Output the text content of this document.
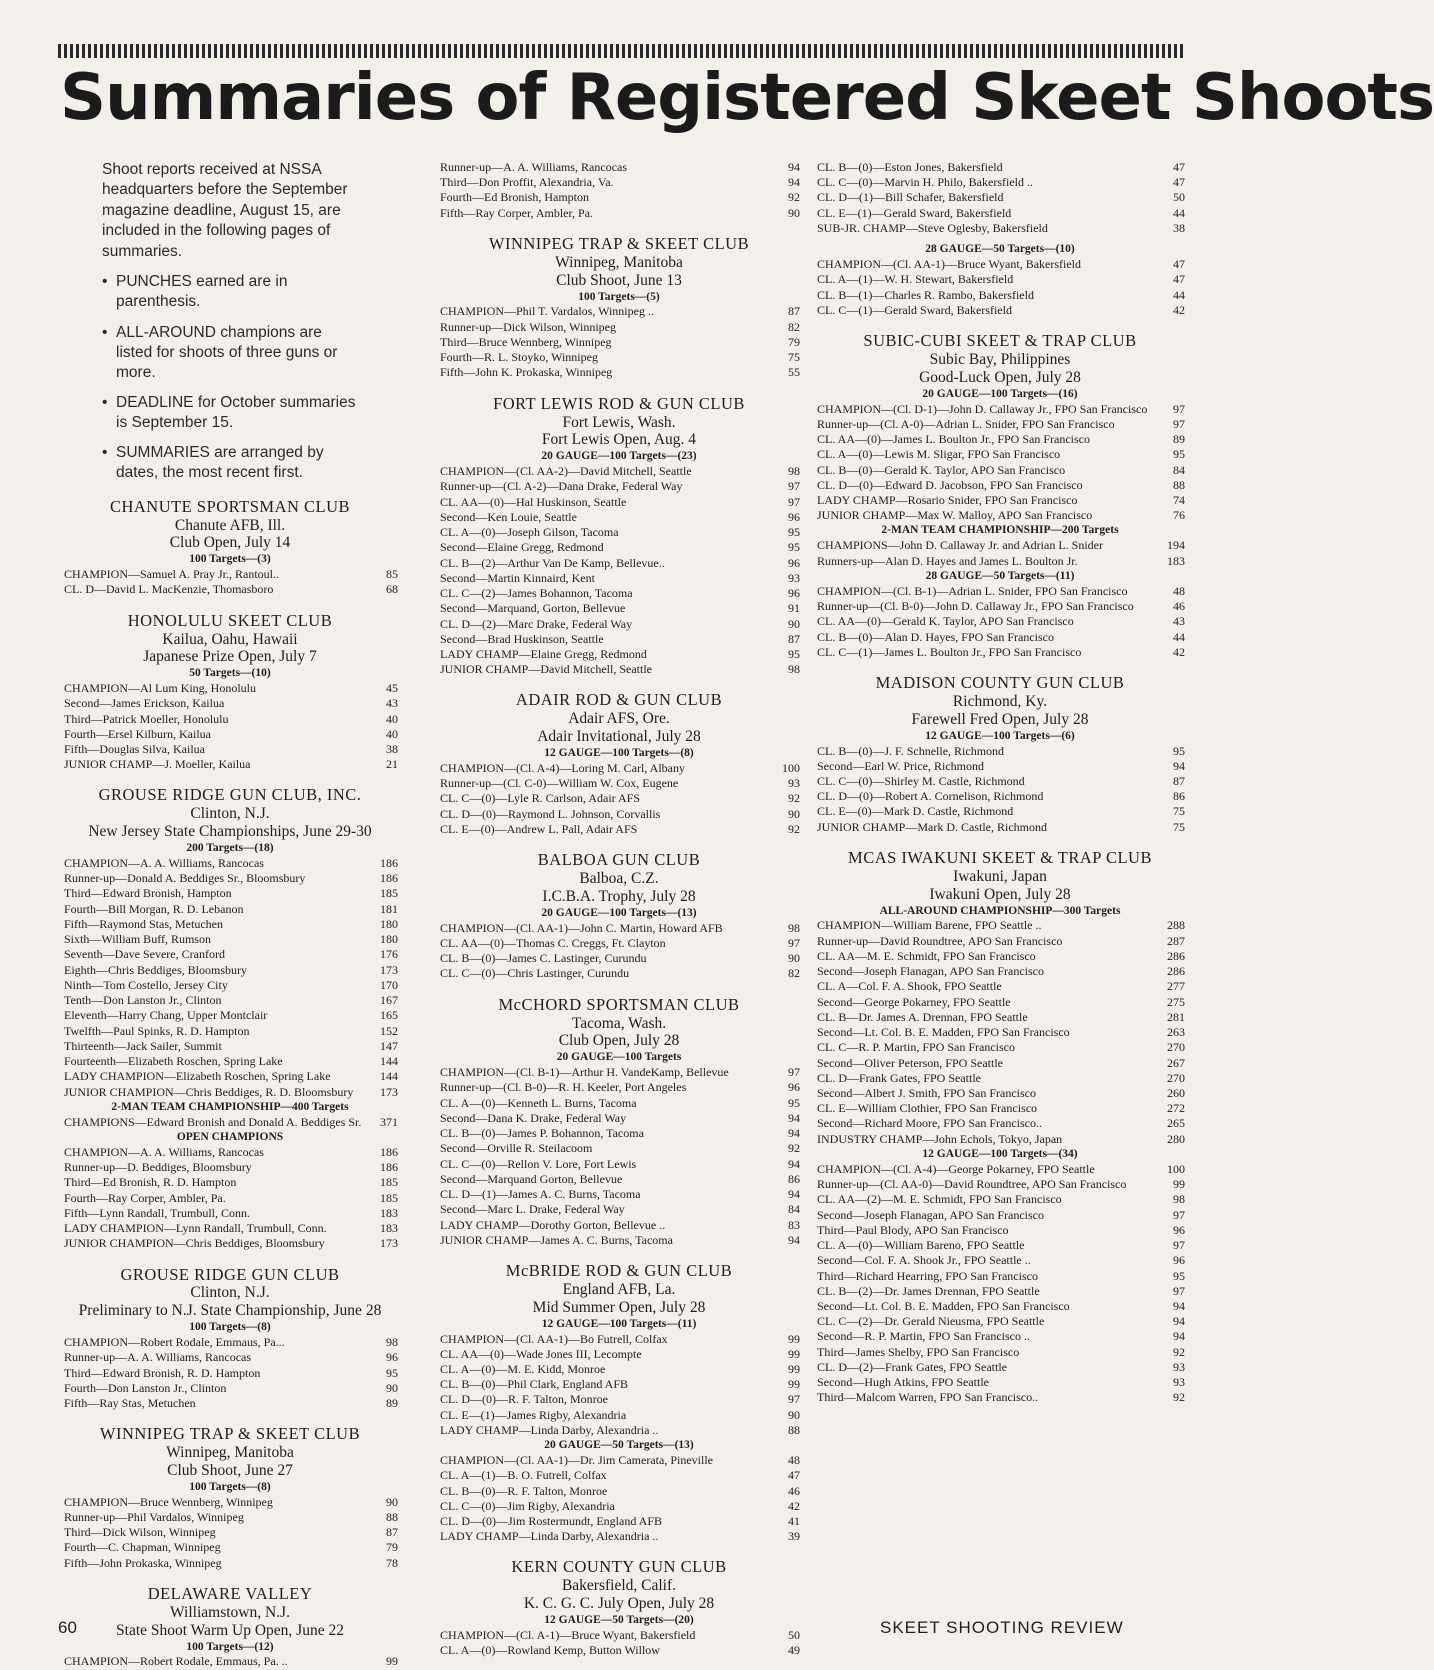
Summaries of Registered Skeet Shoots
Shoot reports received at NSSA headquarters before the September magazine deadline, August 15, are included in the following pages of summaries.
• PUNCHES earned are in parenthesis.
• ALL-AROUND champions are listed for shoots of three guns or more.
• DEADLINE for October summaries is September 15.
• SUMMARIES are arranged by dates, the most recent first.
CHANUTE SPORTSMAN CLUB
Chanute AFB, Ill.
Club Open, July 14
100 Targets—(3)
CHAMPION—Samuel A. Pray Jr., Rantoul..	85
CL. D—David L. MacKenzie, Thomasboro	68
HONOLULU SKEET CLUB
Kailua, Oahu, Hawaii
Japanese Prize Open, July 7
50 Targets—(10)
CHAMPION—Al Lum King, Honolulu	45
Second—James Erickson, Kailua	43
Third—Patrick Moeller, Honolulu	40
Fourth—Ersel Kilburn, Kailua	40
Fifth—Douglas Silva, Kailua	38
JUNIOR CHAMP—J. Moeller, Kailua	21
GROUSE RIDGE GUN CLUB, INC.
Clinton, N.J.
New Jersey State Championships, June 29-30
200 Targets—(18)
CHAMPION—A. A. Williams, Rancocas	186
Runner-up—Donald A. Beddiges Sr., Bloomsbury	186
Third—Edward Bronish, Hampton	185
Fourth—Bill Morgan, R. D. Lebanon	181
Fifth—Raymond Stas, Metuchen	180
Sixth—William Buff, Rumson	180
Seventh—Dave Severe, Cranford	176
Eighth—Chris Beddiges, Bloomsbury	173
Ninth—Tom Costello, Jersey City	170
Tenth—Don Lanston Jr., Clinton	167
Eleventh—Harry Chang, Upper Montclair	165
Twelfth—Paul Spinks, R. D. Hampton	152
Thirteenth—Jack Sailer, Summit	147
Fourteenth—Elizabeth Roschen, Spring Lake	144
LADY CHAMPION—Elizabeth Roschen, Spring Lake	144
JUNIOR CHAMPION—Chris Beddiges, R. D. Bloomsbury	173
2-MAN TEAM CHAMPIONSHIP—400 Targets
CHAMPIONS—Edward Bronish and Donald A. Beddiges Sr.	371
OPEN CHAMPIONS
CHAMPION—A. A. Williams, Rancocas	186
Runner-up—D. Beddiges, Bloomsbury	186
Third—Ed Bronish, R. D. Hampton	185
Fourth—Ray Corper, Ambler, Pa.	185
Fifth—Lynn Randall, Trumbull, Conn.	183
LADY CHAMPION—Lynn Randall, Trumbull, Conn.	183
JUNIOR CHAMPION—Chris Beddiges, Bloomsbury	173
GROUSE RIDGE GUN CLUB
Clinton, N.J.
Preliminary to N.J. State Championship, June 28
100 Targets—(8)
CHAMPION—Robert Rodale, Emmaus, Pa...	98
Runner-up—A. A. Williams, Rancocas	96
Third—Edward Bronish, R. D. Hampton	95
Fourth—Don Lanston Jr., Clinton	90
Fifth—Ray Stas, Metuchen	89
WINNIPEG TRAP & SKEET CLUB
Winnipeg, Manitoba
Club Shoot, June 27
100 Targets—(8)
CHAMPION—Bruce Wennberg, Winnipeg	90
Runner-up—Phil Vardalos, Winnipeg	88
Third—Dick Wilson, Winnipeg	87
Fourth—C. Chapman, Winnipeg	79
Fifth—John Prokaska, Winnipeg	78
DELAWARE VALLEY
Williamstown, N.J.
State Shoot Warm Up Open, June 22
100 Targets—(12)
CHAMPION—Robert Rodale, Emmaus, Pa. ..	99
Runner-up—A. A. Williams, Rancocas	94
Third—Don Proffit, Alexandria, Va.	94
Fourth—Ed Bronish, Hampton	92
Fifth—Ray Corper, Ambler, Pa.	90
WINNIPEG TRAP & SKEET CLUB
Winnipeg, Manitoba
Club Shoot, June 13
100 Targets—(5)
CHAMPION—Phil T. Vardalos, Winnipeg ..	87
Runner-up—Dick Wilson, Winnipeg	82
Third—Bruce Wennberg, Winnipeg	79
Fourth—R. L. Stoyko, Winnipeg	75
Fifth—John K. Prokaska, Winnipeg	55
FORT LEWIS ROD & GUN CLUB
Fort Lewis, Wash.
Fort Lewis Open, Aug. 4
20 GAUGE—100 Targets—(23)
CHAMPION—(Cl. AA-2)—David Mitchell, Seattle	98
Runner-up—(Cl. A-2)—Dana Drake, Federal Way	97
CL. AA—(0)—Hal Huskinson, Seattle	97
Second—Ken Louie, Seattle	96
CL. A—(0)—Joseph Gilson, Tacoma	95
Second—Elaine Gregg, Redmond	95
CL. B—(2)—Arthur Van De Kamp, Bellevue..	96
Second—Martin Kinnaird, Kent	93
CL. C—(2)—James Bohannon, Tacoma	96
Second—Marquand, Gorton, Bellevue	91
CL. D—(2)—Marc Drake, Federal Way	90
Second—Brad Huskinson, Seattle	87
LADY CHAMP—Elaine Gregg, Redmond	95
JUNIOR CHAMP—David Mitchell, Seattle	98
ADAIR ROD & GUN CLUB
Adair AFS, Ore.
Adair Invitational, July 28
12 GAUGE—100 Targets—(8)
CHAMPION—(Cl. A-4)—Loring M. Carl, Albany	100
Runner-up—(Cl. C-0)—William W. Cox, Eugene	93
CL. C—(0)—Lyle R. Carlson, Adair AFS	92
CL. D—(0)—Raymond L. Johnson, Corvallis	90
CL. E—(0)—Andrew L. Pall, Adair AFS	92
BALBOA GUN CLUB
Balboa, C.Z.
I.C.B.A. Trophy, July 28
20 GAUGE—100 Targets—(13)
CHAMPION—(Cl. AA-1)—John C. Martin, Howard AFB	98
CL. AA—(0)—Thomas C. Creggs, Ft. Clayton	97
CL. B—(0)—James C. Lastinger, Curundu	90
CL. C—(0)—Chris Lastinger, Curundu	82
McCHORD SPORTSMAN CLUB
Tacoma, Wash.
Club Open, July 28
20 GAUGE—100 Targets
CHAMPION—(Cl. B-1)—Arthur H. VandeKamp, Bellevue	97
Runner-up—(Cl. B-0)—R. H. Keeler, Port Angeles	96
CL. A—(0)—Kenneth L. Burns, Tacoma	95
Second—Dana K. Drake, Federal Way	94
CL. B—(0)—James P. Bohannon, Tacoma	94
Second—Orville R. Steilacoom	92
CL. C—(0)—Rellon V. Lore, Fort Lewis	94
Second—Marquand Gorton, Bellevue	86
CL. D—(1)—James A. C. Burns, Tacoma	94
Second—Marc L. Drake, Federal Way	84
LADY CHAMP—Dorothy Gorton, Bellevue ..	83
JUNIOR CHAMP—James A. C. Burns, Tacoma	94
McBRIDE ROD & GUN CLUB
England AFB, La.
Mid Summer Open, July 28
12 GAUGE—100 Targets—(11)
CHAMPION—(Cl. AA-1)—Bo Futrell, Colfax	99
CL. AA—(0)—Wade Jones III, Lecompte	99
CL. A—(0)—M. E. Kidd, Monroe	99
CL. B—(0)—Phil Clark, England AFB	99
CL. D—(0)—R. F. Talton, Monroe	97
CL. E—(1)—James Rigby, Alexandria	90
LADY CHAMP—Linda Darby, Alexandria ..	88
20 GAUGE—50 Targets—(13)
CHAMPION—(Cl. AA-1)—Dr. Jim Camerata, Pineville	48
CL. A—(1)—B. O. Futrell, Colfax	47
CL. B—(0)—R. F. Talton, Monroe	46
CL. C—(0)—Jim Rigby, Alexandria	42
CL. D—(0)—Jim Rostermundt, England AFB	41
LADY CHAMP—Linda Darby, Alexandria ..	39
KERN COUNTY GUN CLUB
Bakersfield, Calif.
K. C. G. C. July Open, July 28
12 GAUGE—50 Targets—(20)
CHAMPION—(Cl. A-1)—Bruce Wyant, Bakersfield	50
CL. A—(0)—Rowland Kemp, Button Willow	49
CL. B—(0)—Eston Jones, Bakersfield	47
CL. C—(0)—Marvin H. Philo, Bakersfield ..	47
CL. D—(1)—Bill Schafer, Bakersfield	50
CL. E—(1)—Gerald Sward, Bakersfield	44
SUB-JR. CHAMP—Steve Oglesby, Bakersfield	38
28 GAUGE—50 Targets—(10)
CHAMPION—(Cl. AA-1)—Bruce Wyant, Bakersfield	47
CL. A—(1)—W. H. Stewart, Bakersfield	47
CL. B—(1)—Charles R. Rambo, Bakersfield	44
CL. C—(1)—Gerald Sward, Bakersfield	42
SUBIC-CUBI SKEET & TRAP CLUB
Subic Bay, Philippines
Good-Luck Open, July 28
20 GAUGE—100 Targets—(16)
CHAMPION—(Cl. D-1)—John D. Callaway Jr., FPO San Francisco	97
Runner-up—(Cl. A-0)—Adrian L. Snider, FPO San Francisco	97
CL. AA—(0)—James L. Boulton Jr., FPO San Francisco	89
CL. A—(0)—Lewis M. Sligar, FPO San Francisco	95
CL. B—(0)—Gerald K. Taylor, APO San Francisco	84
CL. D—(0)—Edward D. Jacobson, FPO San Francisco	88
LADY CHAMP—Rosario Snider, FPO San Francisco	74
JUNIOR CHAMP—Max W. Malloy, APO San Francisco	76
2-MAN TEAM CHAMPIONSHIP—200 Targets
CHAMPIONS—John D. Callaway Jr. and Adrian L. Snider	194
Runners-up—Alan D. Hayes and James L. Boulton Jr.	183
28 GAUGE—50 Targets—(11)
CHAMPION—(Cl. B-1)—Adrian L. Snider, FPO San Francisco	48
Runner-up—(Cl. B-0)—John D. Callaway Jr., FPO San Francisco	46
CL. AA—(0)—Gerald K. Taylor, APO San Francisco	43
CL. B—(0)—Alan D. Hayes, FPO San Francisco	44
CL. C—(1)—James L. Boulton Jr., FPO San Francisco	42
MADISON COUNTY GUN CLUB
Richmond, Ky.
Farewell Fred Open, July 28
12 GAUGE—100 Targets—(6)
CL. B—(0)—J. F. Schnelle, Richmond	95
Second—Earl W. Price, Richmond	94
CL. C—(0)—Shirley M. Castle, Richmond	87
CL. D—(0)—Robert A. Cornelison, Richmond	86
CL. E—(0)—Mark D. Castle, Richmond	75
JUNIOR CHAMP—Mark D. Castle, Richmond	75
MCAS IWAKUNI SKEET & TRAP CLUB
Iwakuni, Japan
Iwakuni Open, July 28
ALL-AROUND CHAMPIONSHIP—300 Targets
CHAMPION—William Barene, FPO Seattle ..	288
Runner-up—David Roundtree, APO San Francisco	287
CL. AA—M. E. Schmidt, FPO San Francisco	286
Second—Joseph Flanagan, APO San Francisco	286
CL. A—Col. F. A. Shook, FPO Seattle	277
Second—George Pokarney, FPO Seattle	275
CL. B—Dr. James A. Drennan, FPO Seattle	281
Second—Lt. Col. B. E. Madden, FPO San Francisco	263
CL. C—R. P. Martin, FPO San Francisco	270
Second—Oliver Peterson, FPO Seattle	267
CL. D—Frank Gates, FPO Seattle	270
Second—Albert J. Smith, FPO San Francisco	260
CL. E—William Clothier, FPO San Francisco	272
Second—Richard Moore, FPO San Francisco..	265
INDUSTRY CHAMP—John Echols, Tokyo, Japan	280
12 GAUGE—100 Targets—(34)
CHAMPION—(Cl. A-4)—George Pokarney, FPO Seattle	100
Runner-up—(Cl. AA-0)—David Roundtree, APO San Francisco	99
CL. AA—(2)—M. E. Schmidt, FPO San Francisco	98
Second—Joseph Flanagan, APO San Francisco	97
Third—Paul Blody, APO San Francisco	96
CL. A—(0)—William Bareno, FPO Seattle	97
Second—Col. F. A. Shook Jr., FPO Seattle ..	96
Third—Richard Hearring, FPO San Francisco	95
CL. B—(2)—Dr. James Drennan, FPO Seattle	97
Second—Lt. Col. B. E. Madden, FPO San Francisco	94
CL. C—(2)—Dr. Gerald Nieusma, FPO Seattle	94
Second—R. P. Martin, FPO San Francisco ..	94
Third—James Shelby, FPO San Francisco	92
CL. D—(2)—Frank Gates, FPO Seattle	93
Second—Hugh Atkins, FPO Seattle	93
Third—Malcom Warren, FPO San Francisco..	92
60	SKEET SHOOTING REVIEW
